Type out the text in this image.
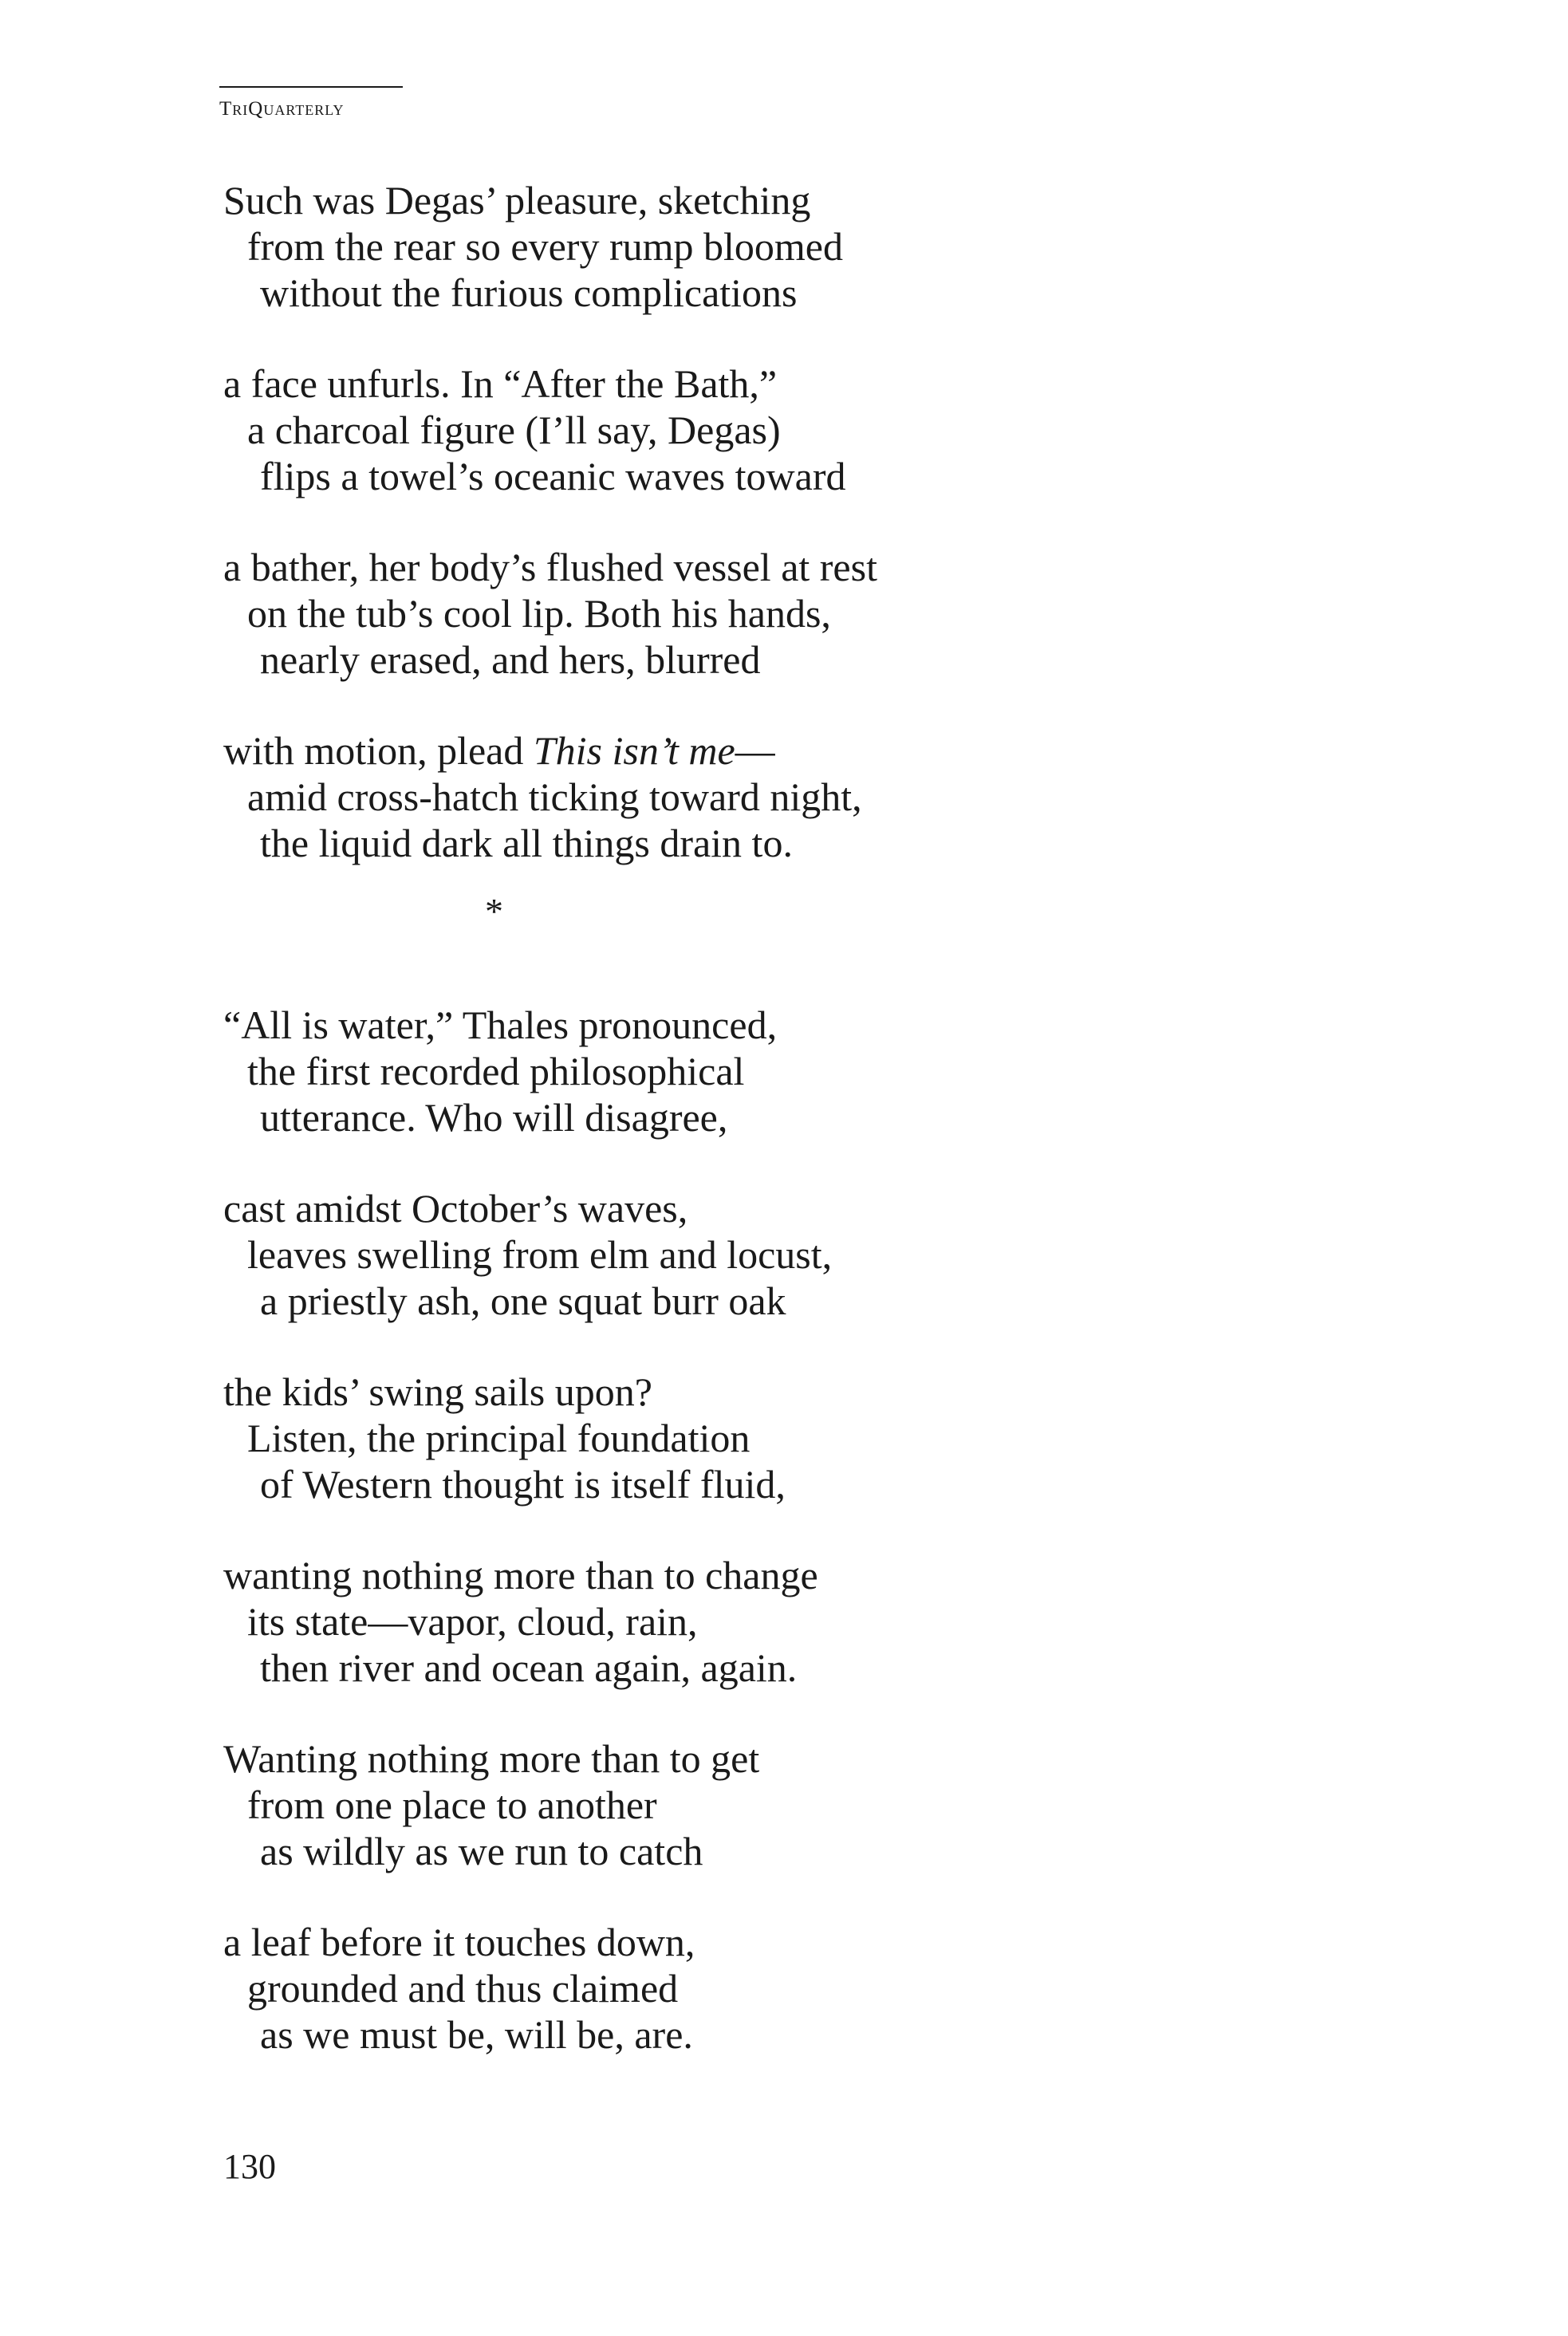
TriQuarterly
Such was Degas’ pleasure, sketching
from the rear so every rump bloomed
without the furious complications
a face unfurls. In “After the Bath,”
a charcoal figure (I’ll say, Degas)
flips a towel’s oceanic waves toward
a bather, her body’s flushed vessel at rest
on the tub’s cool lip. Both his hands,
nearly erased, and hers, blurred
with motion, plead This isn’t me—
amid cross-hatch ticking toward night,
the liquid dark all things drain to.
*
“All is water,” Thales pronounced,
the first recorded philosophical
utterance. Who will disagree,
cast amidst October’s waves,
leaves swelling from elm and locust,
a priestly ash, one squat burr oak
the kids’ swing sails upon?
Listen, the principal foundation
of Western thought is itself fluid,
wanting nothing more than to change
its state—vapor, cloud, rain,
then river and ocean again, again.
Wanting nothing more than to get
from one place to another
as wildly as we run to catch
a leaf before it touches down,
grounded and thus claimed
as we must be, will be, are.
130
